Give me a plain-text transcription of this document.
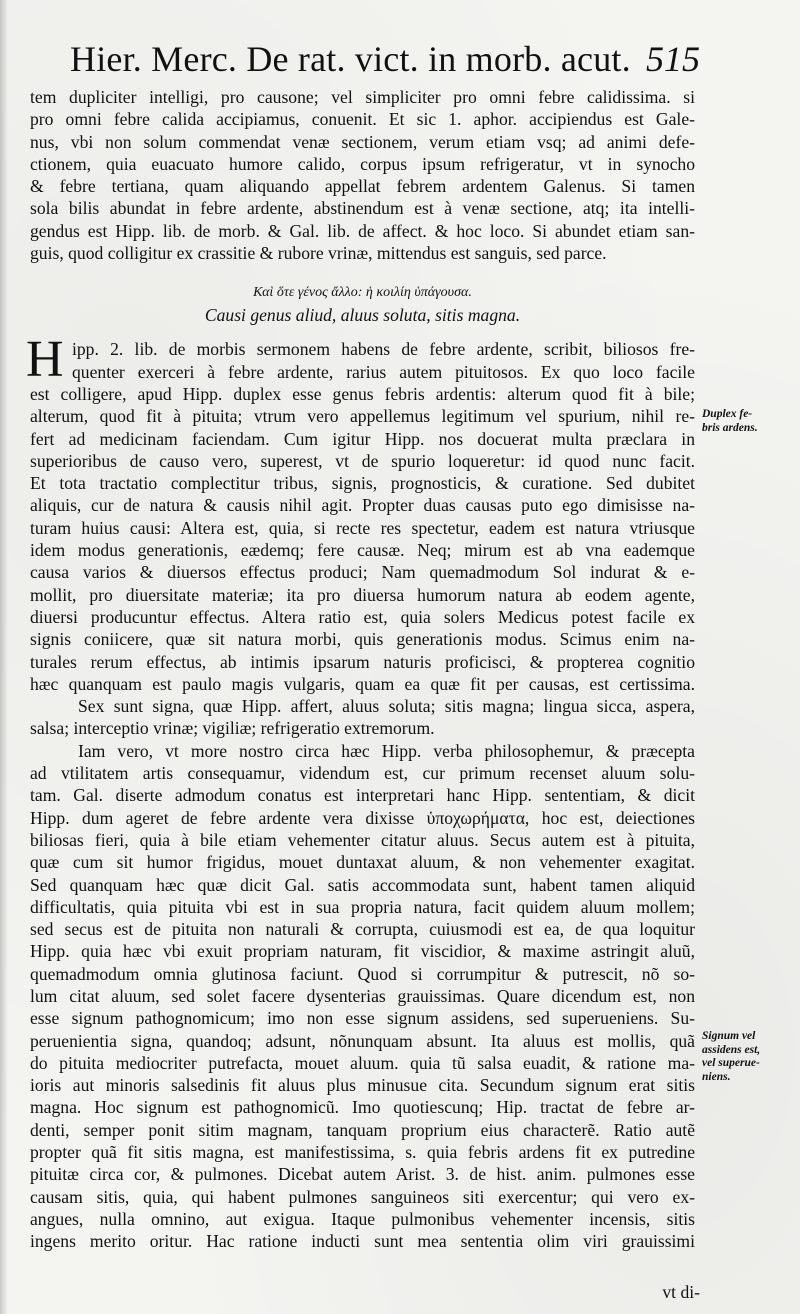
Hier. Merc. De rat. vict. in morb. acut. 515
tem dupliciter intelligi, pro causone; vel simpliciter pro omni febre calidissima. si
pro omni febre calida accipiamus, conuenit. Et sic 1. aphor. accipiendus est Gale-
nus, vbi non solum commendat venæ sectionem, verum etiam vsq; ad animi defe-
ctionem, quia euacuato humore calido, corpus ipsum refrigeratur, vt in synocho
& febre tertiana, quam aliquando appellat febrem ardentem Galenus. Si tamen
sola bilis abundat in febre ardente, abstinendum est à venæ sectione, atq; ita intelli-
gendus est Hipp. lib. de morb. & Gal. lib. de affect. & hoc loco. Si abundet etiam san-
guis, quod colligitur ex crassitie & rubore vrinæ, mittendus est sanguis, sed parce.
Καὶ ὅτε γένος ἄλλο: ἡ κοιλίη ὑπάγουσα.
Causi genus aliud, aluus soluta, sitis magna.
H ipp. 2. lib. de morbis sermonem habens de febre ardente, scribit, biliosos fre-
quenter exerceri à febre ardente, rarius autem pituitosos. Ex quo loco facile
est colligere, apud Hipp. duplex esse genus febris ardentis: alterum quod fit à bile;
alterum, quod fit à pituita; vtrum vero appellemus legitimum vel spurium, nihil re-
fert ad medicinam faciendam. Cum igitur Hipp. nos docuerat multa præclara in
superioribus de causo vero, superest, vt de spurio loqueretur: id quod nunc facit.
Et tota tractatio complectitur tribus, signis, prognosticis, & curatione. Sed dubitet
aliquis, cur de natura & causis nihil agit. Propter duas causas puto ego dimisisse na-
turam huius causi: Altera est, quia, si recte res spectetur, eadem est natura vtriusque
idem modus generationis, eædemq; fere causæ. Neq; mirum est ab vna eademque
causa varios & diuersos effectus produci; Nam quemadmodum Sol indurat & e-
mollit, pro diuersitate materiæ; ita pro diuersa humorum natura ab eodem agente,
diuersi producuntur effectus. Altera ratio est, quia solers Medicus potest facile ex
signis coniicere, quæ sit natura morbi, quis generationis modus. Scimus enim na-
turales rerum effectus, ab intimis ipsarum naturis proficisci, & propterea cognitio
hæc quanquam est paulo magis vulgaris, quam ea quæ fit per causas, est certissima.
Sex sunt signa, quæ Hipp. affert, aluus soluta; sitis magna; lingua sicca, aspera,
salsa; interceptio vrinæ; vigiliæ; refrigeratio extremorum.
Iam vero, vt more nostro circa hæc Hipp. verba philosophemur, & præcepta
ad vtilitatem artis consequamur, videndum est, cur primum recenset aluum solu-
tam. Gal. diserte admodum conatus est interpretari hanc Hipp. sententiam, & dicit
Hipp. dum ageret de febre ardente vera dixisse ὑποχωρήματα, hoc est, deiectiones
biliosas fieri, quia à bile etiam vehementer citatur aluus. Secus autem est à pituita,
quæ cum sit humor frigidus, mouet duntaxat aluum, & non vehementer exagitat.
Sed quanquam hæc quæ dicit Gal. satis accommodata sunt, habent tamen aliquid
difficultatis, quia pituita vbi est in sua propria natura, facit quidem aluum mollem;
sed secus est de pituita non naturali & corrupta, cuiusmodi est ea, de qua loquitur
Hipp. quia hæc vbi exuit propriam naturam, fit viscidior, & maxime astringit aluũ,
quemadmodum omnia glutinosa faciunt. Quod si corrumpitur & putrescit, nõ so-
lum citat aluum, sed solet facere dysenterias grauissimas. Quare dicendum est, non
esse signum pathognomicum; imo non esse signum assidens, sed superueniens. Su-
peruenientia signa, quandoq; adsunt, nõnunquam absunt. Ita aluus est mollis, quã
do pituita mediocriter putrefacta, mouet aluum. quia tũ salsa euadit, & ratione ma-
ioris aut minoris salsedinis fit aluus plus minusue cita. Secundum signum erat sitis
magna. Hoc signum est pathognomicũ. Imo quotiescunq; Hip. tractat de febre ar-
denti, semper ponit sitim magnam, tanquam proprium eius characterẽ. Ratio autẽ
propter quã fit sitis magna, est manifestissima, s. quia febris ardens fit ex putredine
pituitæ circa cor, & pulmones. Dicebat autem Arist. 3. de hist. anim. pulmones esse
causam sitis, quia, qui habent pulmones sanguineos siti exercentur; qui vero ex-
angues, nulla omnino, aut exigua. Itaque pulmonibus vehementer incensis, sitis
ingens merito oritur. Hac ratione inducti sunt mea sententia olim viri grauissimi
Duplex fe-
bris ardens.
Signum vel
assidens est,
vel superue-
niens.
vt di-
